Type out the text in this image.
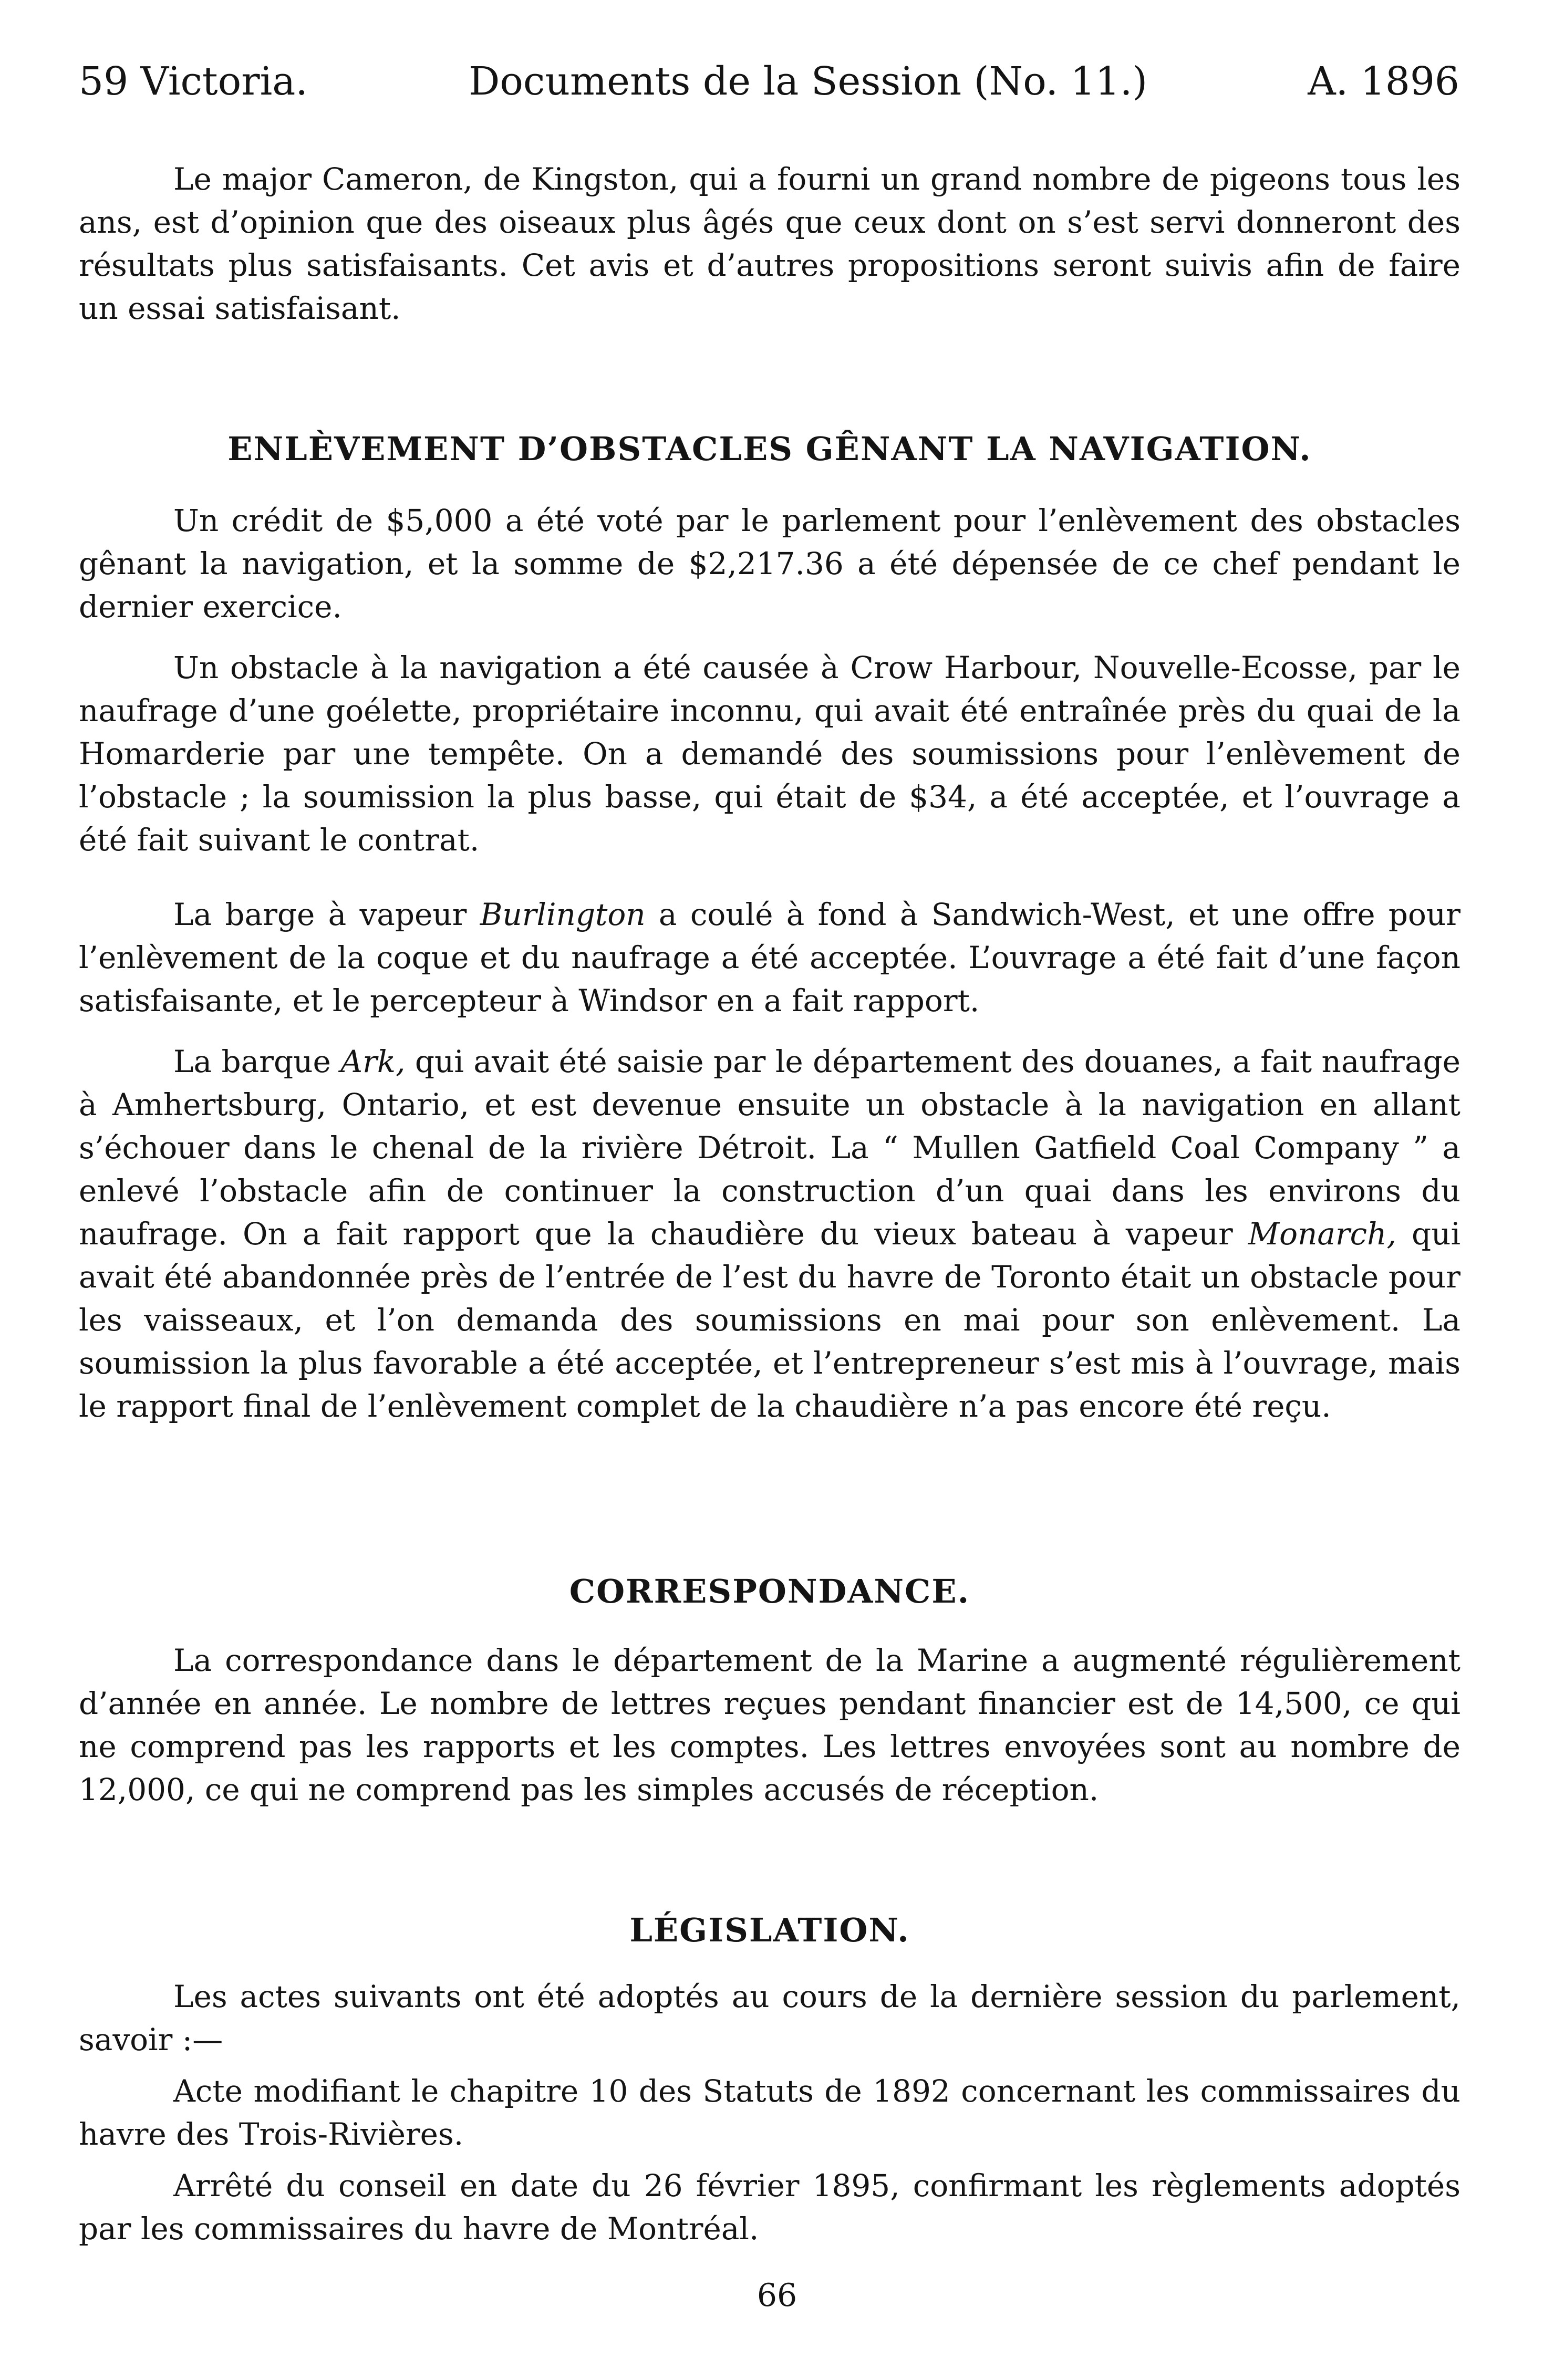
59 Victoria.	Documents de la Session (No. 11.)	A. 1896

Le major Cameron, de Kingston, qui a fourni un grand nombre de pigeons tous les ans, est d’opinion que des oiseaux plus âgés que ceux dont on s’est servi donneront des résultats plus satisfaisants. Cet avis et d’autres propositions seront suivis afin de faire un essai satisfaisant.

ENLÈVEMENT D’OBSTACLES GÊNANT LA NAVIGATION.

Un crédit de $5,000 a été voté par le parlement pour l’enlèvement des obstacles gênant la navigation, et la somme de $2,217.36 a été dépensée de ce chef pendant le dernier exercice.

Un obstacle à la navigation a été causée à Crow Harbour, Nouvelle-Ecosse, par le naufrage d’une goélette, propriétaire inconnu, qui avait été entraînée près du quai de la Homarderie par une tempête. On a demandé des soumissions pour l’enlèvement de l’obstacle ; la soumission la plus basse, qui était de $34, a été acceptée, et l’ouvrage a été fait suivant le contrat.

La barge à vapeur Burlington a coulé à fond à Sandwich-West, et une offre pour l’enlèvement de la coque et du naufrage a été acceptée. L’ouvrage a été fait d’une façon satisfaisante, et le percepteur à Windsor en a fait rapport.

La barque Ark, qui avait été saisie par le département des douanes, a fait naufrage à Amhertsburg, Ontario, et est devenue ensuite un obstacle à la navigation en allant s’échouer dans le chenal de la rivière Détroit. La “ Mullen Gatfield Coal Company ” a enlevé l’obstacle afin de continuer la construction d’un quai dans les environs du naufrage. On a fait rapport que la chaudière du vieux bateau à vapeur Monarch, qui avait été abandonnée près de l’entrée de l’est du havre de Toronto était un obstacle pour les vaisseaux, et l’on demanda des soumissions en mai pour son enlèvement. La soumission la plus favorable a été acceptée, et l’entrepreneur s’est mis à l’ouvrage, mais le rapport final de l’enlèvement complet de la chaudière n’a pas encore été reçu.

CORRESPONDANCE.

La correspondance dans le département de la Marine a augmenté régulièrement d’année en année. Le nombre de lettres reçues pendant financier est de 14,500, ce qui ne comprend pas les rapports et les comptes. Les lettres envoyées sont au nombre de 12,000, ce qui ne comprend pas les simples accusés de réception.

LÉGISLATION.

Les actes suivants ont été adoptés au cours de la dernière session du parlement, savoir :—

Acte modifiant le chapitre 10 des Statuts de 1892 concernant les commissaires du havre des Trois-Rivières.

Arrêté du conseil en date du 26 février 1895, confirmant les règlements adoptés par les commissaires du havre de Montréal.

66
